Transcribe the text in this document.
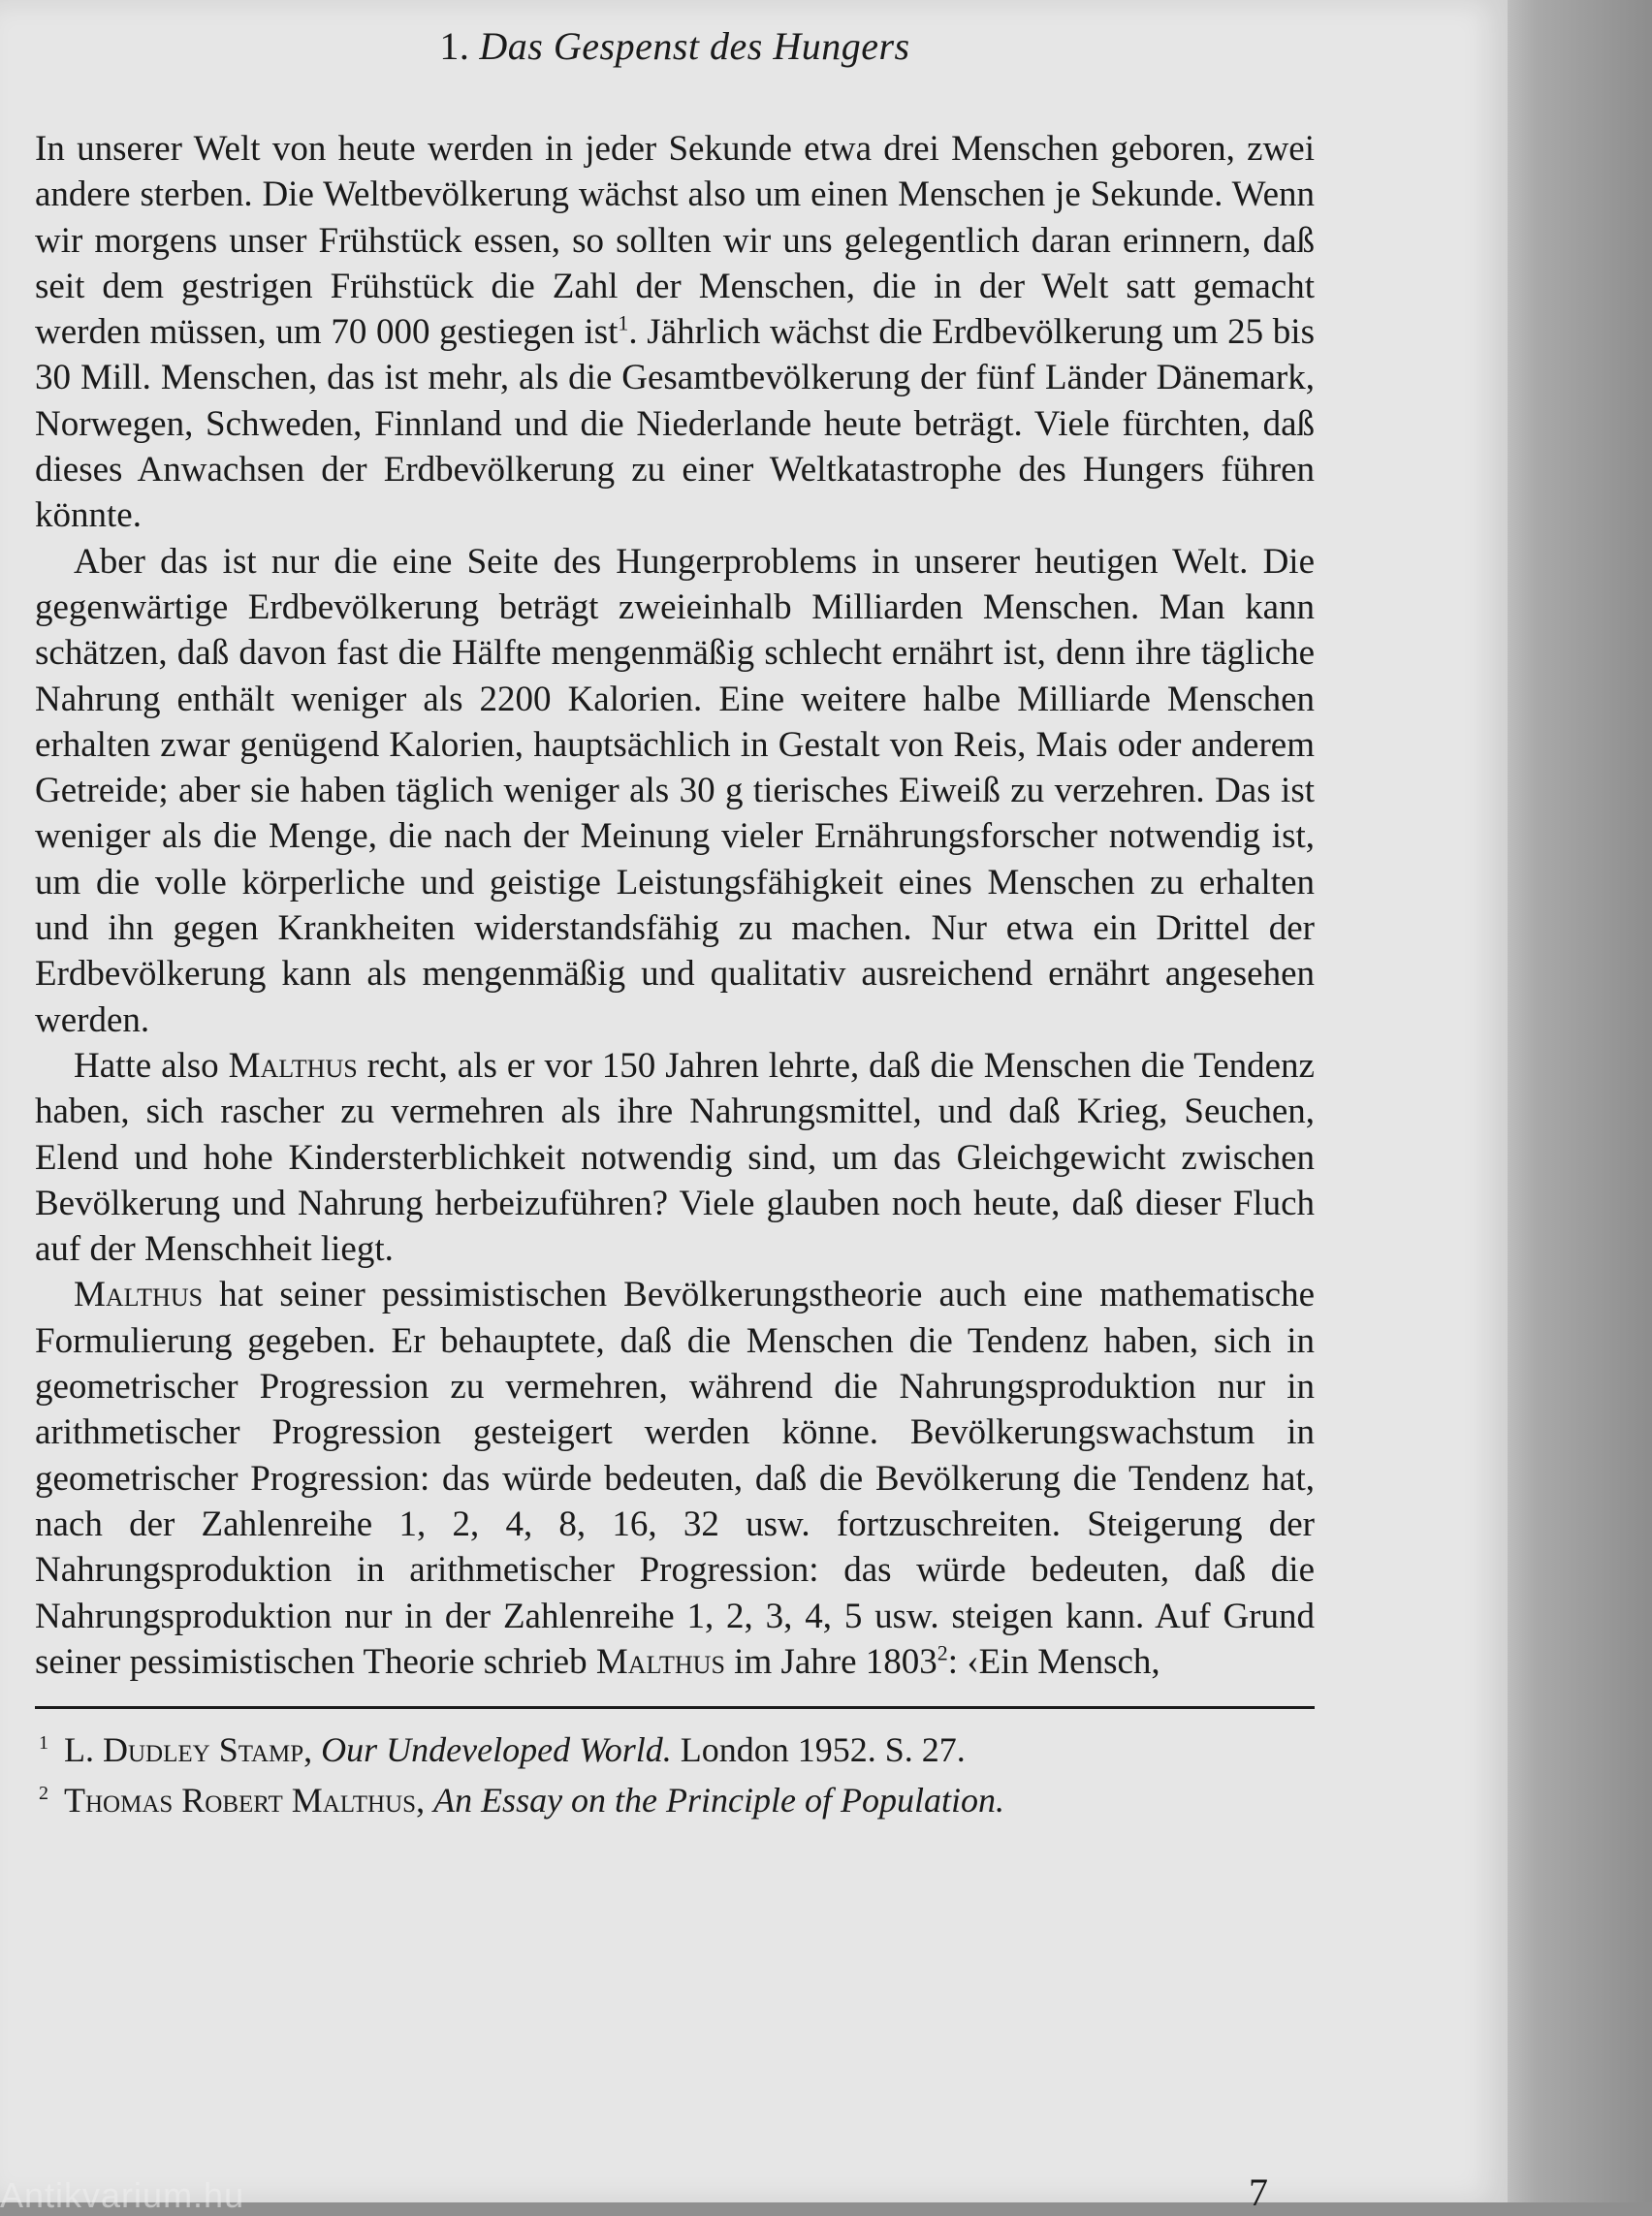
1. Das Gespenst des Hungers

In unserer Welt von heute werden in jeder Sekunde etwa drei Menschen geboren, zwei andere sterben. Die Weltbevölkerung wächst also um einen Menschen je Sekunde. Wenn wir morgens unser Frühstück essen, so sollten wir uns gelegentlich daran erinnern, daß seit dem gestrigen Frühstück die Zahl der Menschen, die in der Welt satt gemacht werden müssen, um 70 000 gestiegen ist$^1$. Jährlich wächst die Erdbevölkerung um 25 bis 30 Mill. Menschen, das ist mehr, als die Gesamtbevölkerung der fünf Länder Dänemark, Norwegen, Schweden, Finnland und die Niederlande heute beträgt. Viele fürchten, daß dieses Anwachsen der Erdbevölkerung zu einer Weltkatastrophe des Hungers führen könnte.

Aber das ist nur die eine Seite des Hungerproblems in unserer heutigen Welt. Die gegenwärtige Erdbevölkerung beträgt zweieinhalb Milliarden Menschen. Man kann schätzen, daß davon fast die Hälfte mengenmäßig schlecht ernährt ist, denn ihre tägliche Nahrung enthält weniger als 2200 Kalorien. Eine weitere halbe Milliarde Menschen erhalten zwar genügend Kalorien, hauptsächlich in Gestalt von Reis, Mais oder anderem Getreide; aber sie haben täglich weniger als 30 g tierisches Eiweiß zu verzehren. Das ist weniger als die Menge, die nach der Meinung vieler Ernährungsforscher notwendig ist, um die volle körperliche und geistige Leistungsfähigkeit eines Menschen zu erhalten und ihn gegen Krankheiten widerstandsfähig zu machen. Nur etwa ein Drittel der Erdbevölkerung kann als mengenmäßig und qualitativ ausreichend ernährt angesehen werden.

Hatte also Malthus recht, als er vor 150 Jahren lehrte, daß die Menschen die Tendenz haben, sich rascher zu vermehren als ihre Nahrungsmittel, und daß Krieg, Seuchen, Elend und hohe Kindersterblichkeit notwendig sind, um das Gleichgewicht zwischen Bevölkerung und Nahrung herbeizuführen? Viele glauben noch heute, daß dieser Fluch auf der Menschheit liegt.

Malthus hat seiner pessimistischen Bevölkerungstheorie auch eine mathematische Formulierung gegeben. Er behauptete, daß die Menschen die Tendenz haben, sich in geometrischer Progression zu vermehren, während die Nahrungsproduktion nur in arithmetischer Progression gesteigert werden könne. Bevölkerungswachstum in geometrischer Progression: das würde bedeuten, daß die Bevölkerung die Tendenz hat, nach der Zahlenreihe 1, 2, 4, 8, 16, 32 usw. fortzuschreiten. Steigerung der Nahrungsproduktion in arithmetischer Progression: das würde bedeuten, daß die Nahrungsproduktion nur in der Zahlenreihe 1, 2, 3, 4, 5 usw. steigen kann. Auf Grund seiner pessimistischen Theorie schrieb Malthus im Jahre 1803$^2$: ‹Ein Mensch,

$^1$ L. Dudley Stamp, Our Undeveloped World. London 1952. S. 27.

$^2$ Thomas Robert Malthus, An Essay on the Principle of Population.

7
Antikvarium.hu
